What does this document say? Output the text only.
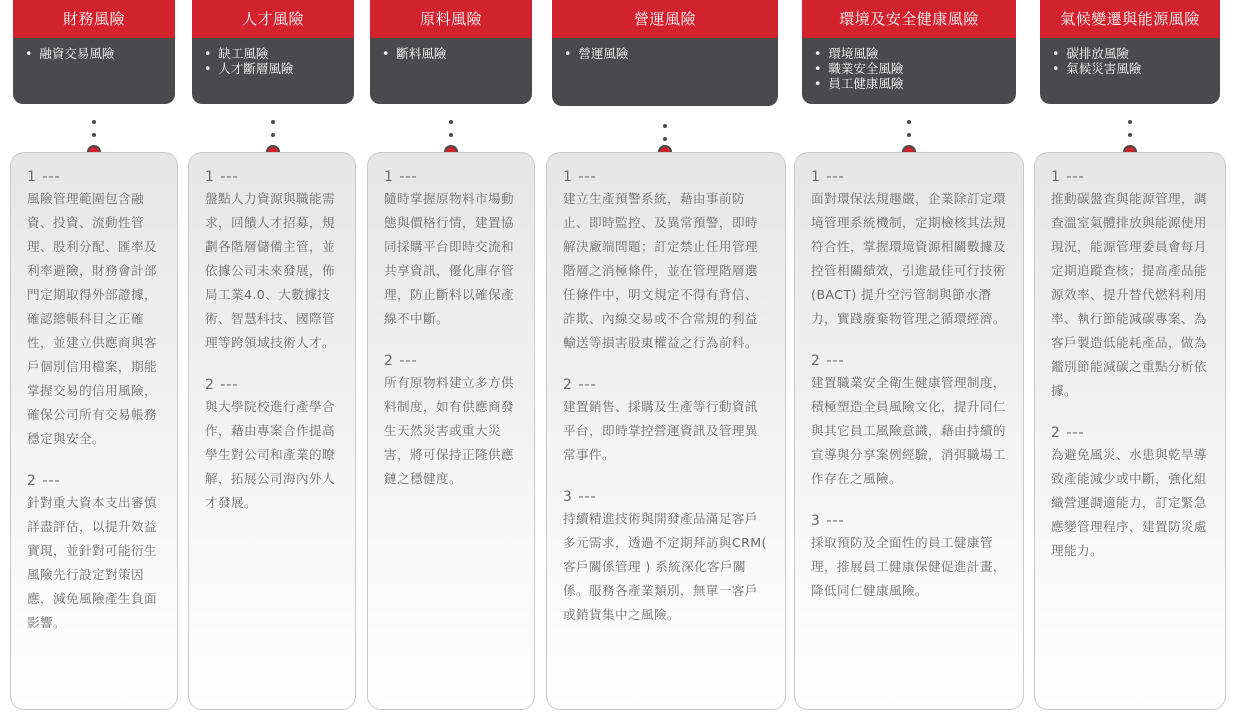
財務風險
• 融資交易風險
1 ---
風險管理範圍包含融資、投資、流動性管理、股利分配、匯率及利率避險，財務會計部門定期取得外部證據，確認總帳科目之正確性，並建立供應商與客戶個別信用檔案，期能掌握交易的信用風險，確保公司所有交易帳務穩定與安全。
2 ---
針對重大資本支出審慎詳盡評估，以提升效益實現，並針對可能衍生風險先行設定對策因應，減免風險產生負面影響。
人才風險
• 缺工風險
• 人才斷層風險
1 ---
盤點人力資源與職能需求，回饋人才招募，規劃各階層儲備主管，並依據公司未來發展，佈局工業4.0、大數據技術、智慧科技、國際管理等跨領域技術人才。
2 ---
與大學院校進行產學合作，藉由專案合作提高學生對公司和產業的瞭解，拓展公司海內外人才發展。
原料風險
• 斷料風險
1 ---
隨時掌握原物料市場動態與價格行情，建置協同採購平台即時交流和共享資訊，優化庫存管理，防止斷料以確保產線不中斷。
2 ---
所有原物料建立多方供料制度，如有供應商發生天然災害或重大災害，將可保持正隆供應鏈之穩健度。
營運風險
• 營運風險
1 ---
建立生產預警系統，藉由事前防止、即時監控、及異常預警，即時解決廠端問題；訂定禁止任用管理階層之消極條件，並在管理階層選任條件中，明文規定不得有背信、詐欺、內線交易或不合常規的利益輸送等損害股東權益之行為前科。
2 ---
建置銷售、採購及生產等行動資訊平台，即時掌控營運資訊及管理異常事件。
3 ---
持續精進技術與開發產品滿足客戶多元需求，透過不定期拜訪與CRM( 客戶關係管理 ) 系統深化客戶關係。服務各產業類別，無單一客戶或銷貨集中之風險。
環境及安全健康風險
• 環境風險
• 職業安全風險
• 員工健康風險
1 ---
面對環保法規趨嚴，企業除訂定環境管理系統機制，定期檢核其法規符合性，掌握環境資源相關數據及控管相關績效，引進最佳可行技術 (BACT) 提升空污管制與節水潛力，實踐廢棄物管理之循環經濟。
2 ---
建置職業安全衛生健康管理制度，積極塑造全員風險文化，提升同仁與其它員工風險意識，藉由持續的宣導與分享案例經驗，消弭職場工作存在之風險。
3 ---
採取預防及全面性的員工健康管理，推展員工健康保健促進計畫，降低同仁健康風險。
氣候變遷與能源風險
• 碳排放風險
• 氣候災害風險
1 ---
推動碳盤查與能源管理，調查溫室氣體排放與能源使用現況，能源管理委員會每月定期追蹤查核；提高產品能源效率、提升替代燃料利用率、執行節能減碳專案、為客戶製造低能耗產品，做為鑑別節能減碳之重點分析依據。
2 ---
為避免風災、水患與乾旱導致產能減少或中斷，強化組織營運調適能力，訂定緊急應變管理程序，建置防災處理能力。
